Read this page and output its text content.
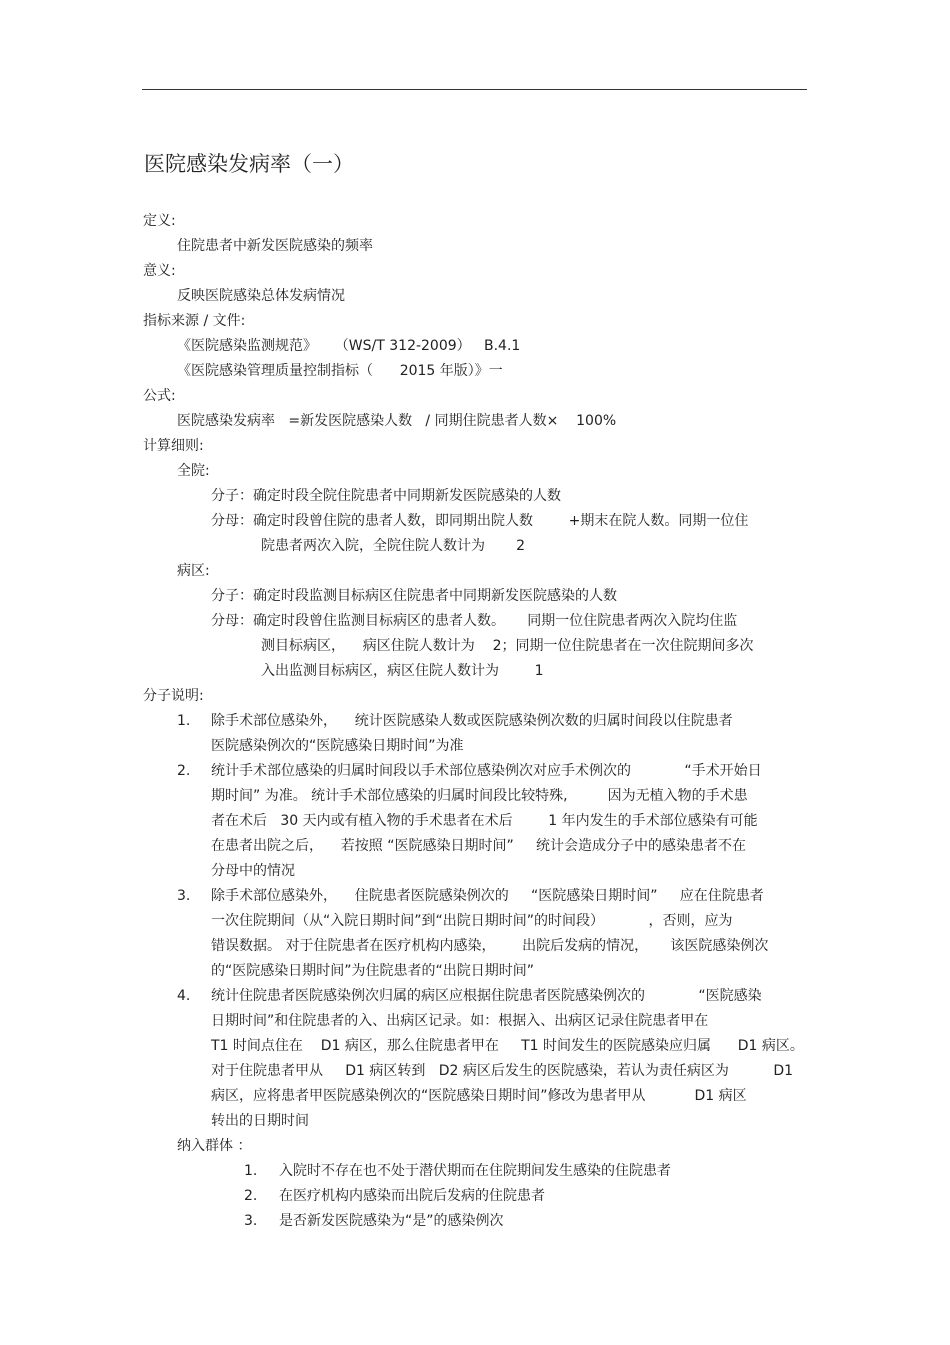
医院感染发病率（一）
定义:
住院患者中新发医院感染的频率
意义:
反映医院感染总体发病情况
指标来源 / 文件:
《医院感染监测规范》    （WS/T 312-2009）   B.4.1
《医院感染管理质量控制指标（      2015 年版）》一
公式:
医院感染发病率   =新发医院感染人数   / 同期住院患者人数×    100%
计算细则:
全院:
分子：确定时段全院住院患者中同期新发医院感染的人数
分母：确定时段曾住院的患者人数，即同期出院人数        +期末在院人数。同期一位住
院患者两次入院，全院住院人数计为       2
病区:
分子：确定时段监测目标病区住院患者中同期新发医院感染的人数
分母：确定时段曾住监测目标病区的患者人数。     同期一位住院患者两次入院均住监
测目标病区，    病区住院人数计为    2；同期一位住院患者在一次住院期间多次
入出监测目标病区，病区住院人数计为        1
分子说明:
除手术部位感染外，    统计医院感染人数或医院感染例次数的归属时间段以住院患者
医院感染例次的“医院感染日期时间”为准
统计手术部位感染的归属时间段以手术部位感染例次对应手术例次的            “手术开始日
期时间” 为准。 统计手术部位感染的归属时间段比较特殊,         因为无植入物的手术患
者在术后   30 天内或有植入物的手术患者在术后        1 年内发生的手术部位感染有可能
在患者出院之后，    若按照 “医院感染日期时间”     统计会造成分子中的感染患者不在
分母中的情况
除手术部位感染外，    住院患者医院感染例次的     “医院感染日期时间”     应在住院患者
一次住院期间（从“入院日期时间”到“出院日期时间”的时间段）          ，否则，应为
错误数据。 对于住院患者在医疗机构内感染，      出院后发病的情况，     该医院感染例次
的“医院感染日期时间”为住院患者的“出院日期时间”
统计住院患者医院感染例次归属的病区应根据住院患者医院感染例次的            “医院感染
日期时间”和住院患者的入、出病区记录。如：根据入、出病区记录住院患者甲在
T1 时间点住在    D1 病区，那么住院患者甲在     T1 时间发生的医院感染应归属      D1 病区。
对于住院患者甲从     D1 病区转到   D2 病区后发生的医院感染，若认为责任病区为          D1
病区，应将患者甲医院感染例次的“医院感染日期时间”修改为患者甲从           D1 病区
转出的日期时间
纳入群体 ：
入院时不存在也不处于潜伏期而在住院期间发生感染的住院患者
在医疗机构内感染而出院后发病的住院患者
是否新发医院感染为“是”的感染例次
1.
2.
3.
4.
1.
2.
3.
